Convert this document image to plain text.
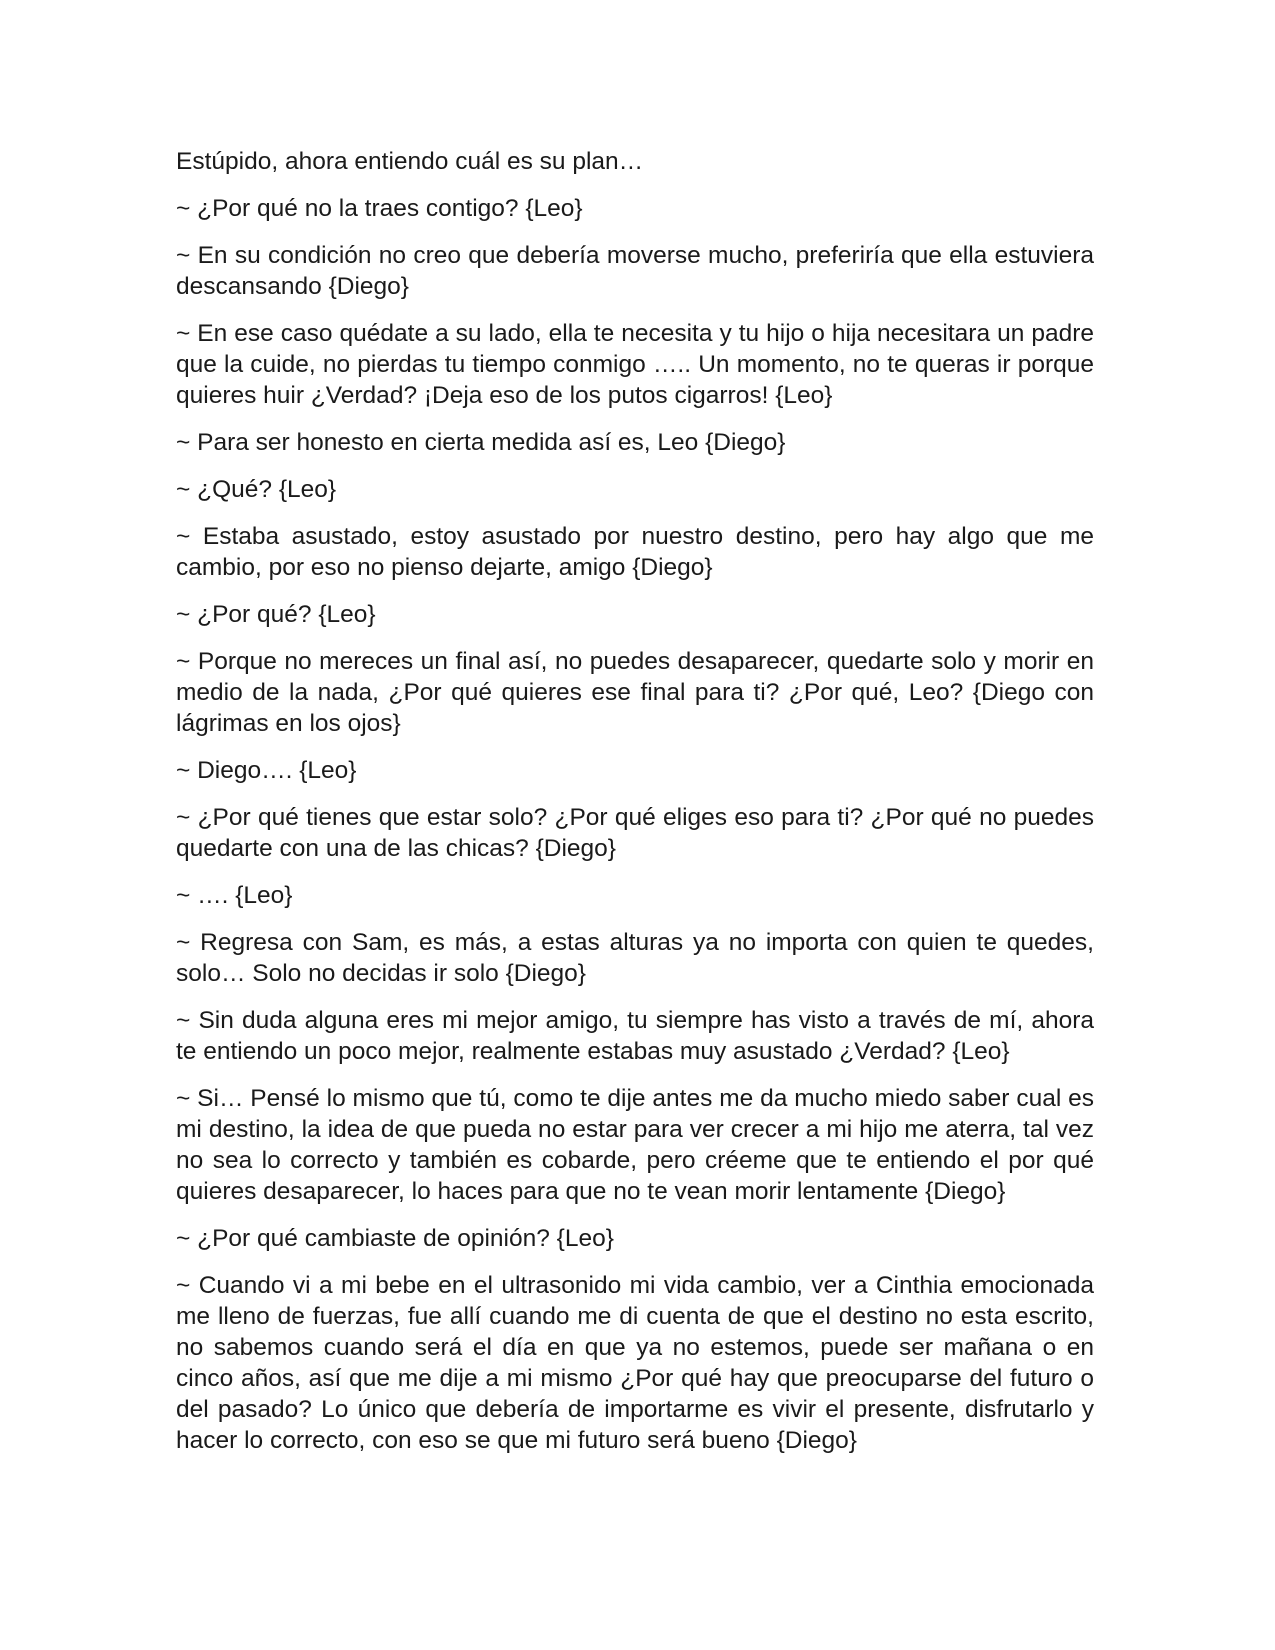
Estúpido, ahora entiendo cuál es su plan…

~ ¿Por qué no la traes contigo? {Leo}

~ En su condición no creo que debería moverse mucho, preferiría que ella estuviera descansando {Diego}

~ En ese caso quédate a su lado, ella te necesita y tu hijo o hija necesitara un padre que la cuide, no pierdas tu tiempo conmigo ….. Un momento, no te queras ir porque quieres huir ¿Verdad? ¡Deja eso de los putos cigarros! {Leo}

~ Para ser honesto en cierta medida así es, Leo {Diego}

~ ¿Qué? {Leo}

~ Estaba asustado, estoy asustado por nuestro destino, pero hay algo que me cambio, por eso no pienso dejarte, amigo {Diego}

~ ¿Por qué? {Leo}

~ Porque no mereces un final así, no puedes desaparecer, quedarte solo y morir en medio de la nada, ¿Por qué quieres ese final para ti? ¿Por qué, Leo? {Diego con lágrimas en los ojos}

~ Diego…. {Leo}

~ ¿Por qué tienes que estar solo? ¿Por qué eliges eso para ti? ¿Por qué no puedes quedarte con una de las chicas? {Diego}

~ …. {Leo}

~ Regresa con Sam, es más, a estas alturas ya no importa con quien te quedes, solo… Solo no decidas ir solo {Diego}

~ Sin duda alguna eres mi mejor amigo, tu siempre has visto a través de mí, ahora te entiendo un poco mejor, realmente estabas muy asustado ¿Verdad? {Leo}

~ Si… Pensé lo mismo que tú, como te dije antes me da mucho miedo saber cual es mi destino, la idea de que pueda no estar para ver crecer a mi hijo me aterra, tal vez no sea lo correcto y también es cobarde, pero créeme que te entiendo el por qué quieres desaparecer, lo haces para que no te vean morir lentamente {Diego}

~ ¿Por qué cambiaste de opinión? {Leo}

~ Cuando vi a mi bebe en el ultrasonido mi vida cambio, ver a Cinthia emocionada me lleno de fuerzas, fue allí cuando me di cuenta de que el destino no esta escrito, no sabemos cuando será el día en que ya no estemos, puede ser mañana o en cinco años, así que me dije a mi mismo ¿Por qué hay que preocuparse del futuro o del pasado? Lo único que debería de importarme es vivir el presente, disfrutarlo y hacer lo correcto, con eso se que mi futuro será bueno {Diego}
